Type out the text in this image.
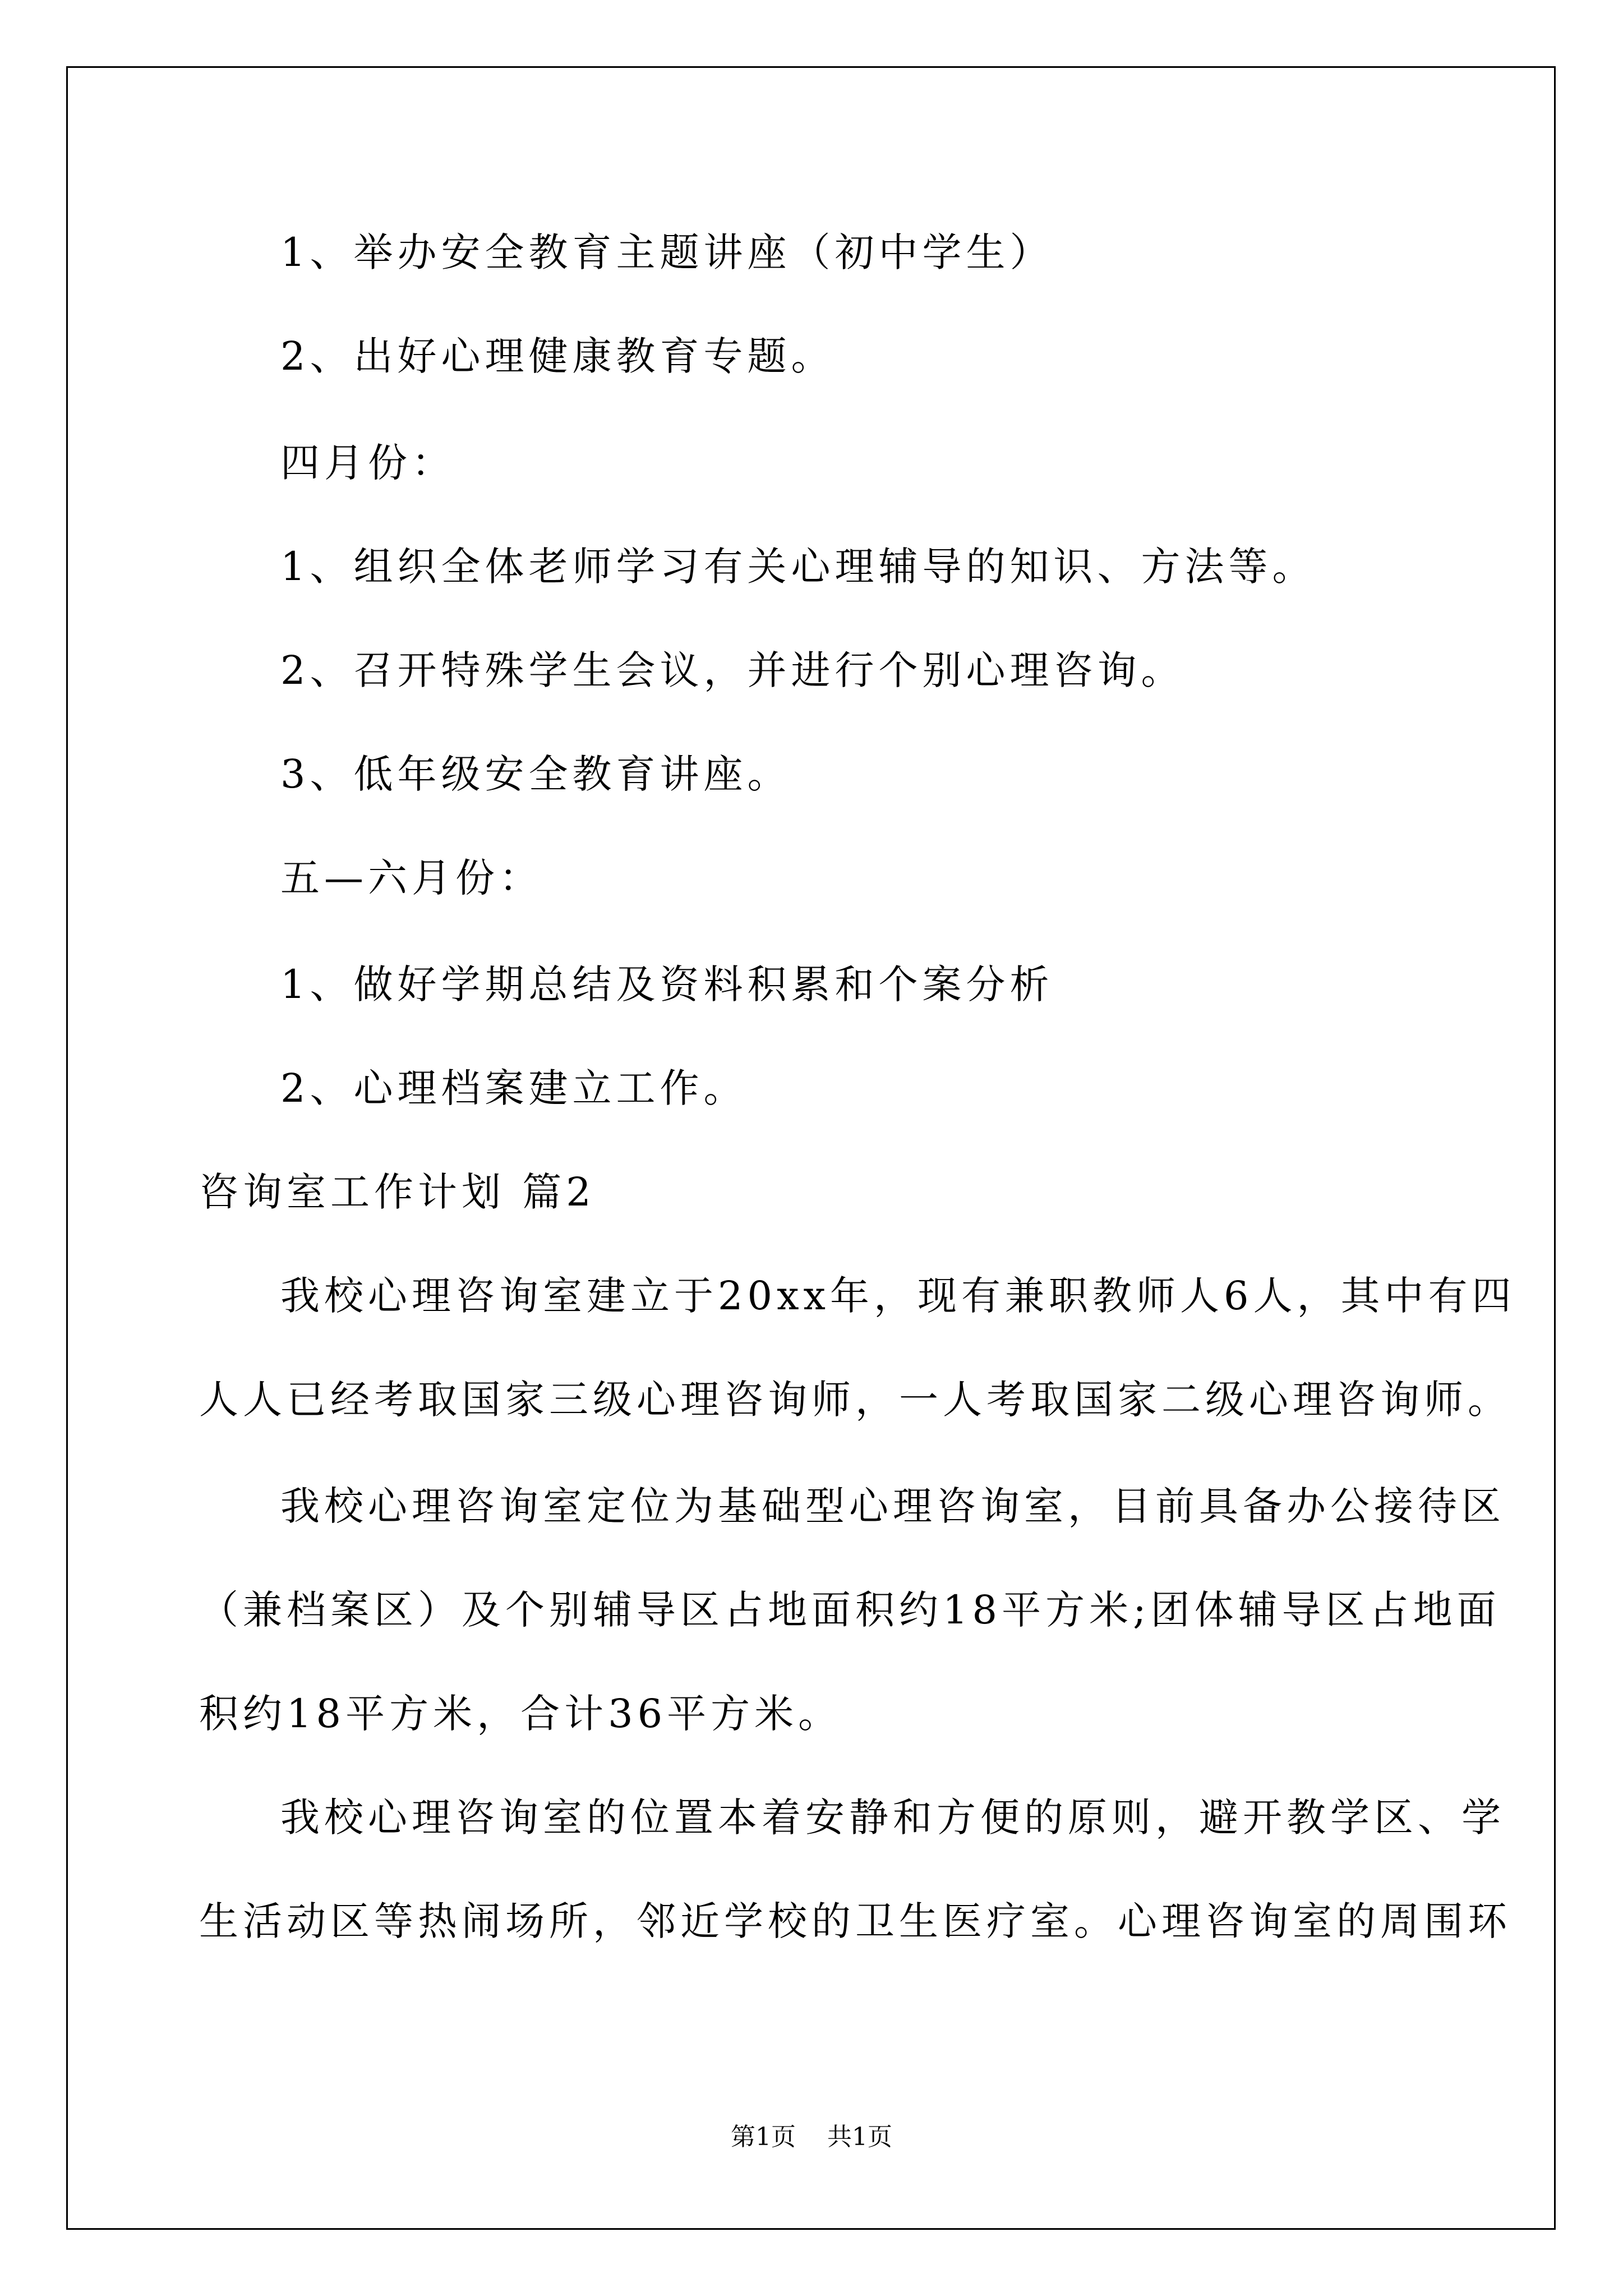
1、举办安全教育主题讲座（初中学生）
2、出好心理健康教育专题。
四月份：
1、组织全体老师学习有关心理辅导的知识、方法等。
2、召开特殊学生会议，并进行个别心理咨询。
3、低年级安全教育讲座。
五—六月份：
1、做好学期总结及资料积累和个案分析
2、心理档案建立工作。
咨询室工作计划 篇2
我校心理咨询室建立于20xx年，现有兼职教师人6人，其中有四
人人已经考取国家三级心理咨询师，一人考取国家二级心理咨询师。
我校心理咨询室定位为基础型心理咨询室，目前具备办公接待区
（兼档案区）及个别辅导区占地面积约18平方米;团体辅导区占地面
积约18平方米，合计36平方米。
我校心理咨询室的位置本着安静和方便的原则，避开教学区、学
生活动区等热闹场所，邻近学校的卫生医疗室。心理咨询室的周围环
第1页 共1页
